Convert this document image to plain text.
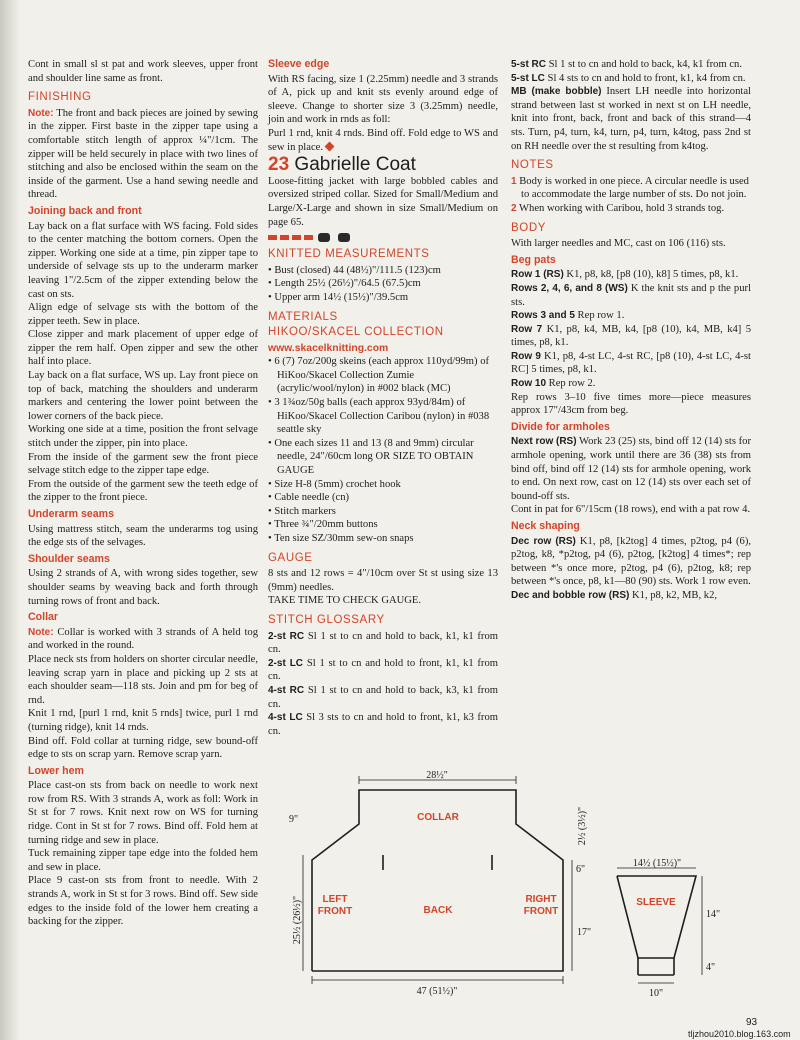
Cont in small sl st pat and work sleeves, upper front and shoulder line same as front.

FINISHING

Note: The front and back pieces are joined by sewing in the zipper. First baste in the zipper tape using a comfortable stitch length of approx ¼"/1cm. The zipper will be held securely in place with two lines of stitching and also be enclosed within the seam on the inside of the garment. Use a hand sewing needle and thread.

Joining back and front

Lay back on a flat surface with WS facing. Fold sides to the center matching the bottom corners. Open the zipper. Working one side at a time, pin zipper tape to underside of selvage sts up to the underarm marker leaving 1"/2.5cm of the zipper extending below the cast on sts.

Align edge of selvage sts with the bottom of the zipper teeth. Sew in place.

Close zipper and mark placement of upper edge of zipper the rem half. Open zipper and sew the other half into place.

Lay back on a flat surface, WS up. Lay front piece on top of back, matching the shoulders and underarm markers and centering the lower point between the lower corners of the back piece.

Working one side at a time, position the front selvage stitch under the zipper, pin into place.

From the inside of the garment sew the front piece selvage stitch edge to the zipper tape edge.

From the outside of the garment sew the teeth edge of the zipper to the front piece.

Underarm seams

Using mattress stitch, seam the underarms tog using the edge sts of the selvages.

Shoulder seams

Using 2 strands of A, with wrong sides together, sew shoulder seams by weaving back and forth through turning rows of front and back.

Collar

Note: Collar is worked with 3 strands of A held tog and worked in the round.

Place neck sts from holders on shorter circular needle, leaving scrap yarn in place and picking up 2 sts at each shoulder seam—118 sts. Join and pm for beg of rnd.

Knit 1 rnd, [purl 1 rnd, knit 5 rnds] twice, purl 1 rnd (turning ridge), knit 14 rnds.

Bind off. Fold collar at turning ridge, sew bound-off edge to sts on scrap yarn. Remove scrap yarn.

Lower hem

Place cast-on sts from back on needle to work next row from RS. With 3 strands A, work as foll: Work in St st for 7 rows. Knit next row on WS for turning ridge. Cont in St st for 7 rows. Bind off. Fold hem at turning ridge and sew in place.

Tuck remaining zipper tape edge into the folded hem and sew in place.

Place 9 cast-on sts from front to needle. With 2 strands A, work in St st for 3 rows. Bind off. Sew side edges to the inside fold of the lower hem creating a backing for the zipper.

Sleeve edge

With RS facing, size 1 (2.25mm) needle and 3 strands of A, pick up and knit sts evenly around edge of sleeve. Change to shorter size 3 (3.25mm) needle, join and work in rnds as foll:

Purl 1 rnd, knit 4 rnds. Bind off. Fold edge to WS and sew in place.

23 Gabrielle Coat

Loose-fitting jacket with large bobbled cables and oversized striped collar. Sized for Small/Medium and Large/X-Large and shown in size Small/Medium on page 65.

KNITTED MEASUREMENTS
• Bust (closed) 44 (48½)"/111.5 (123)cm
• Length 25½ (26½)"/64.5 (67.5)cm
• Upper arm 14½ (15½)"/39.5cm
MATERIALS
HIKOO/SKACEL COLLECTION
www.skacelknitting.com
• 6 (7) 7oz/200g skeins (each approx 110yd/99m) of HiKoo/Skacel Collection Zumie (acrylic/wool/nylon) in #002 black (MC)
• 3 1¾oz/50g balls (each approx 93yd/84m) of HiKoo/Skacel Collection Caribou (nylon) in #038 seattle sky
• One each sizes 11 and 13 (8 and 9mm) circular needle, 24"/60cm long OR SIZE TO OBTAIN GAUGE
• Size H-8 (5mm) crochet hook
• Cable needle (cn)
• Stitch markers
• Three ¾"/20mm buttons
• Ten size SZ/30mm sew-on snaps
GAUGE

8 sts and 12 rows = 4"/10cm over St st using size 13 (9mm) needles.

TAKE TIME TO CHECK GAUGE.

STITCH GLOSSARY

2-st RC Sl 1 st to cn and hold to back, k1, k1 from cn.

2-st LC Sl 1 st to cn and hold to front, k1, k1 from cn.

4-st RC Sl 1 st to cn and hold to back, k3, k1 from cn.

4-st LC Sl 3 sts to cn and hold to front, k1, k3 from cn.

5-st RC Sl 1 st to cn and hold to back, k4, k1 from cn.

5-st LC Sl 4 sts to cn and hold to front, k1, k4 from cn.

MB (make bobble) Insert LH needle into horizontal strand between last st worked in next st on LH needle, knit into front, back, front and back of this strand—4 sts. Turn, p4, turn, k4, turn, p4, turn, k4tog, pass 2nd st on RH needle over the st resulting from k4tog.

NOTES
1 Body is worked in one piece. A circular needle is used to accommodate the large number of sts. Do not join.
2 When working with Caribou, hold 3 strands tog.
BODY

With larger needles and MC, cast on 106 (116) sts.

Beg pats

Row 1 (RS) K1, p8, k8, [p8 (10), k8] 5 times, p8, k1.

Rows 2, 4, 6, and 8 (WS) K the knit sts and p the purl sts.

Rows 3 and 5 Rep row 1.

Row 7 K1, p8, k4, MB, k4, [p8 (10), k4, MB, k4] 5 times, p8, k1.

Row 9 K1, p8, 4-st LC, 4-st RC, [p8 (10), 4-st LC, 4-st RC] 5 times, p8, k1.

Row 10 Rep row 2.

Rep rows 3–10 five times more—piece measures approx 17"/43cm from beg.

Divide for armholes

Next row (RS) Work 23 (25) sts, bind off 12 (14) sts for armhole opening, work until there are 36 (38) sts from bind off, bind off 12 (14) sts for armhole opening, work to end. On next row, cast on 12 (14) sts over each set of bound-off sts.

Cont in pat for 6"/15cm (18 rows), end with a pat row 4.

Neck shaping

Dec row (RS) K1, p8, [k2tog] 4 times, p2tog, p4 (6), p2tog, k8, *p2tog, p4 (6), p2tog, [k2tog] 4 times*; rep between *'s once more, p2tog, p4 (6), p2tog, k8; rep between *'s once, p8, k1—80 (90) sts. Work 1 row even.

Dec and bobble row (RS) K1, p8, k2, MB, k2,

28½"
COLLAR
LEFT
FRONT	BACK
RIGHT
FRONT
9"
25½ (26½)"
2½ (3½)"
6"
17"
47 (51½)"
14½ (15½)"
SLEEVE
14"
4"
10"
93
tljzhou2010.blog.163.com
